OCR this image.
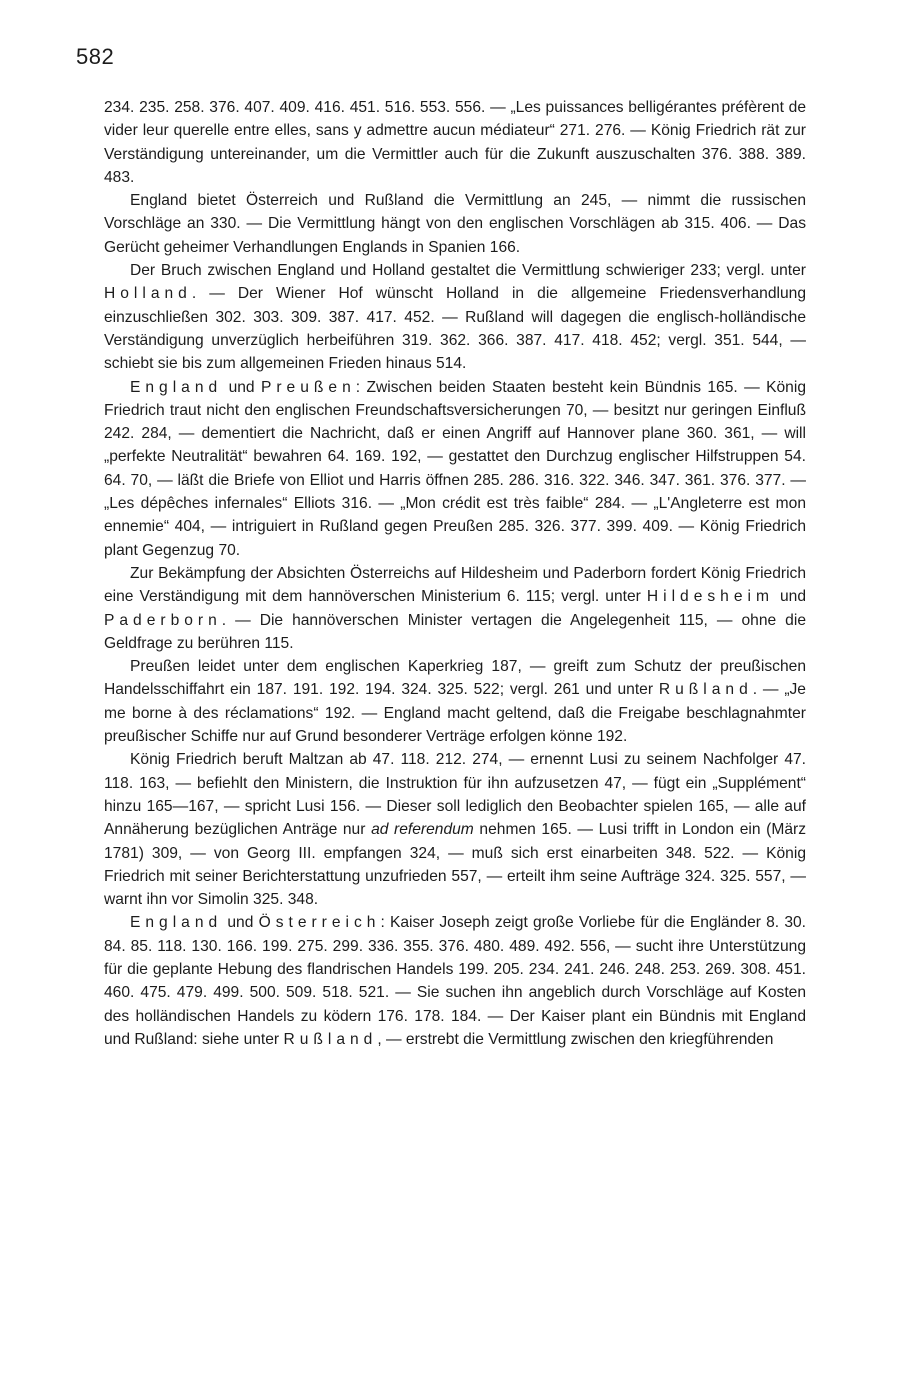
582

234. 235. 258. 376. 407. 409. 416. 451. 516. 553. 556. — „Les puissances belligérantes préfèrent de vider leur querelle entre elles, sans y admettre aucun médiateur“ 271. 276. — König Friedrich rät zur Verständigung untereinander, um die Vermittler auch für die Zukunft auszuschalten 376. 388. 389. 483.

England bietet Österreich und Rußland die Vermittlung an 245, — nimmt die russischen Vorschläge an 330. — Die Vermittlung hängt von den englischen Vorschlägen ab 315. 406. — Das Gerücht geheimer Verhandlungen Englands in Spanien 166.

Der Bruch zwischen England und Holland gestaltet die Vermittlung schwieriger 233; vergl. unter Holland. — Der Wiener Hof wünscht Holland in die allgemeine Friedensverhandlung einzuschließen 302. 303. 309. 387. 417. 452. — Rußland will dagegen die englisch-holländische Verständigung unverzüglich herbeiführen 319. 362. 366. 387. 417. 418. 452; vergl. 351. 544, — schiebt sie bis zum allgemeinen Frieden hinaus 514.

England und Preußen: Zwischen beiden Staaten besteht kein Bündnis 165. — König Friedrich traut nicht den englischen Freundschaftsversicherungen 70, — besitzt nur geringen Einfluß 242. 284, — dementiert die Nachricht, daß er einen Angriff auf Hannover plane 360. 361, — will „perfekte Neutralität“ bewahren 64. 169. 192, — gestattet den Durchzug englischer Hilfstruppen 54. 64. 70, — läßt die Briefe von Elliot und Harris öffnen 285. 286. 316. 322. 346. 347. 361. 376. 377. — „Les dépêches infernales“ Elliots 316. — „Mon crédit est très faible“ 284. — „L'Angleterre est mon ennemie“ 404, — intriguiert in Rußland gegen Preußen 285. 326. 377. 399. 409. — König Friedrich plant Gegenzug 70.

Zur Bekämpfung der Absichten Österreichs auf Hildesheim und Paderborn fordert König Friedrich eine Verständigung mit dem hannöverschen Ministerium 6. 115; vergl. unter Hildesheim und Paderborn. — Die hannöverschen Minister vertagen die Angelegenheit 115, — ohne die Geldfrage zu berühren 115.

Preußen leidet unter dem englischen Kaperkrieg 187, — greift zum Schutz der preußischen Handelsschiffahrt ein 187. 191. 192. 194. 324. 325. 522; vergl. 261 und unter Rußland. — „Je me borne à des réclamations“ 192. — England macht geltend, daß die Freigabe beschlagnahmter preußischer Schiffe nur auf Grund besonderer Verträge erfolgen könne 192.

König Friedrich beruft Maltzan ab 47. 118. 212. 274, — ernennt Lusi zu seinem Nachfolger 47. 118. 163, — befiehlt den Ministern, die Instruktion für ihn aufzusetzen 47, — fügt ein „Supplément“ hinzu 165—167, — spricht Lusi 156. — Dieser soll lediglich den Beobachter spielen 165, — alle auf Annäherung bezüglichen Anträge nur ad referendum nehmen 165. — Lusi trifft in London ein (März 1781) 309, — von Georg III. empfangen 324, — muß sich erst einarbeiten 348. 522. — König Friedrich mit seiner Berichterstattung unzufrieden 557, — erteilt ihm seine Aufträge 324. 325. 557, — warnt ihn vor Simolin 325. 348.

England und Österreich: Kaiser Joseph zeigt große Vorliebe für die Engländer 8. 30. 84. 85. 118. 130. 166. 199. 275. 299. 336. 355. 376. 480. 489. 492. 556, — sucht ihre Unterstützung für die geplante Hebung des flandrischen Handels 199. 205. 234. 241. 246. 248. 253. 269. 308. 451. 460. 475. 479. 499. 500. 509. 518. 521. — Sie suchen ihn angeblich durch Vorschläge auf Kosten des holländischen Handels zu ködern 176. 178. 184. — Der Kaiser plant ein Bündnis mit England und Rußland: siehe unter Rußland, — erstrebt die Vermittlung zwischen den kriegführenden
